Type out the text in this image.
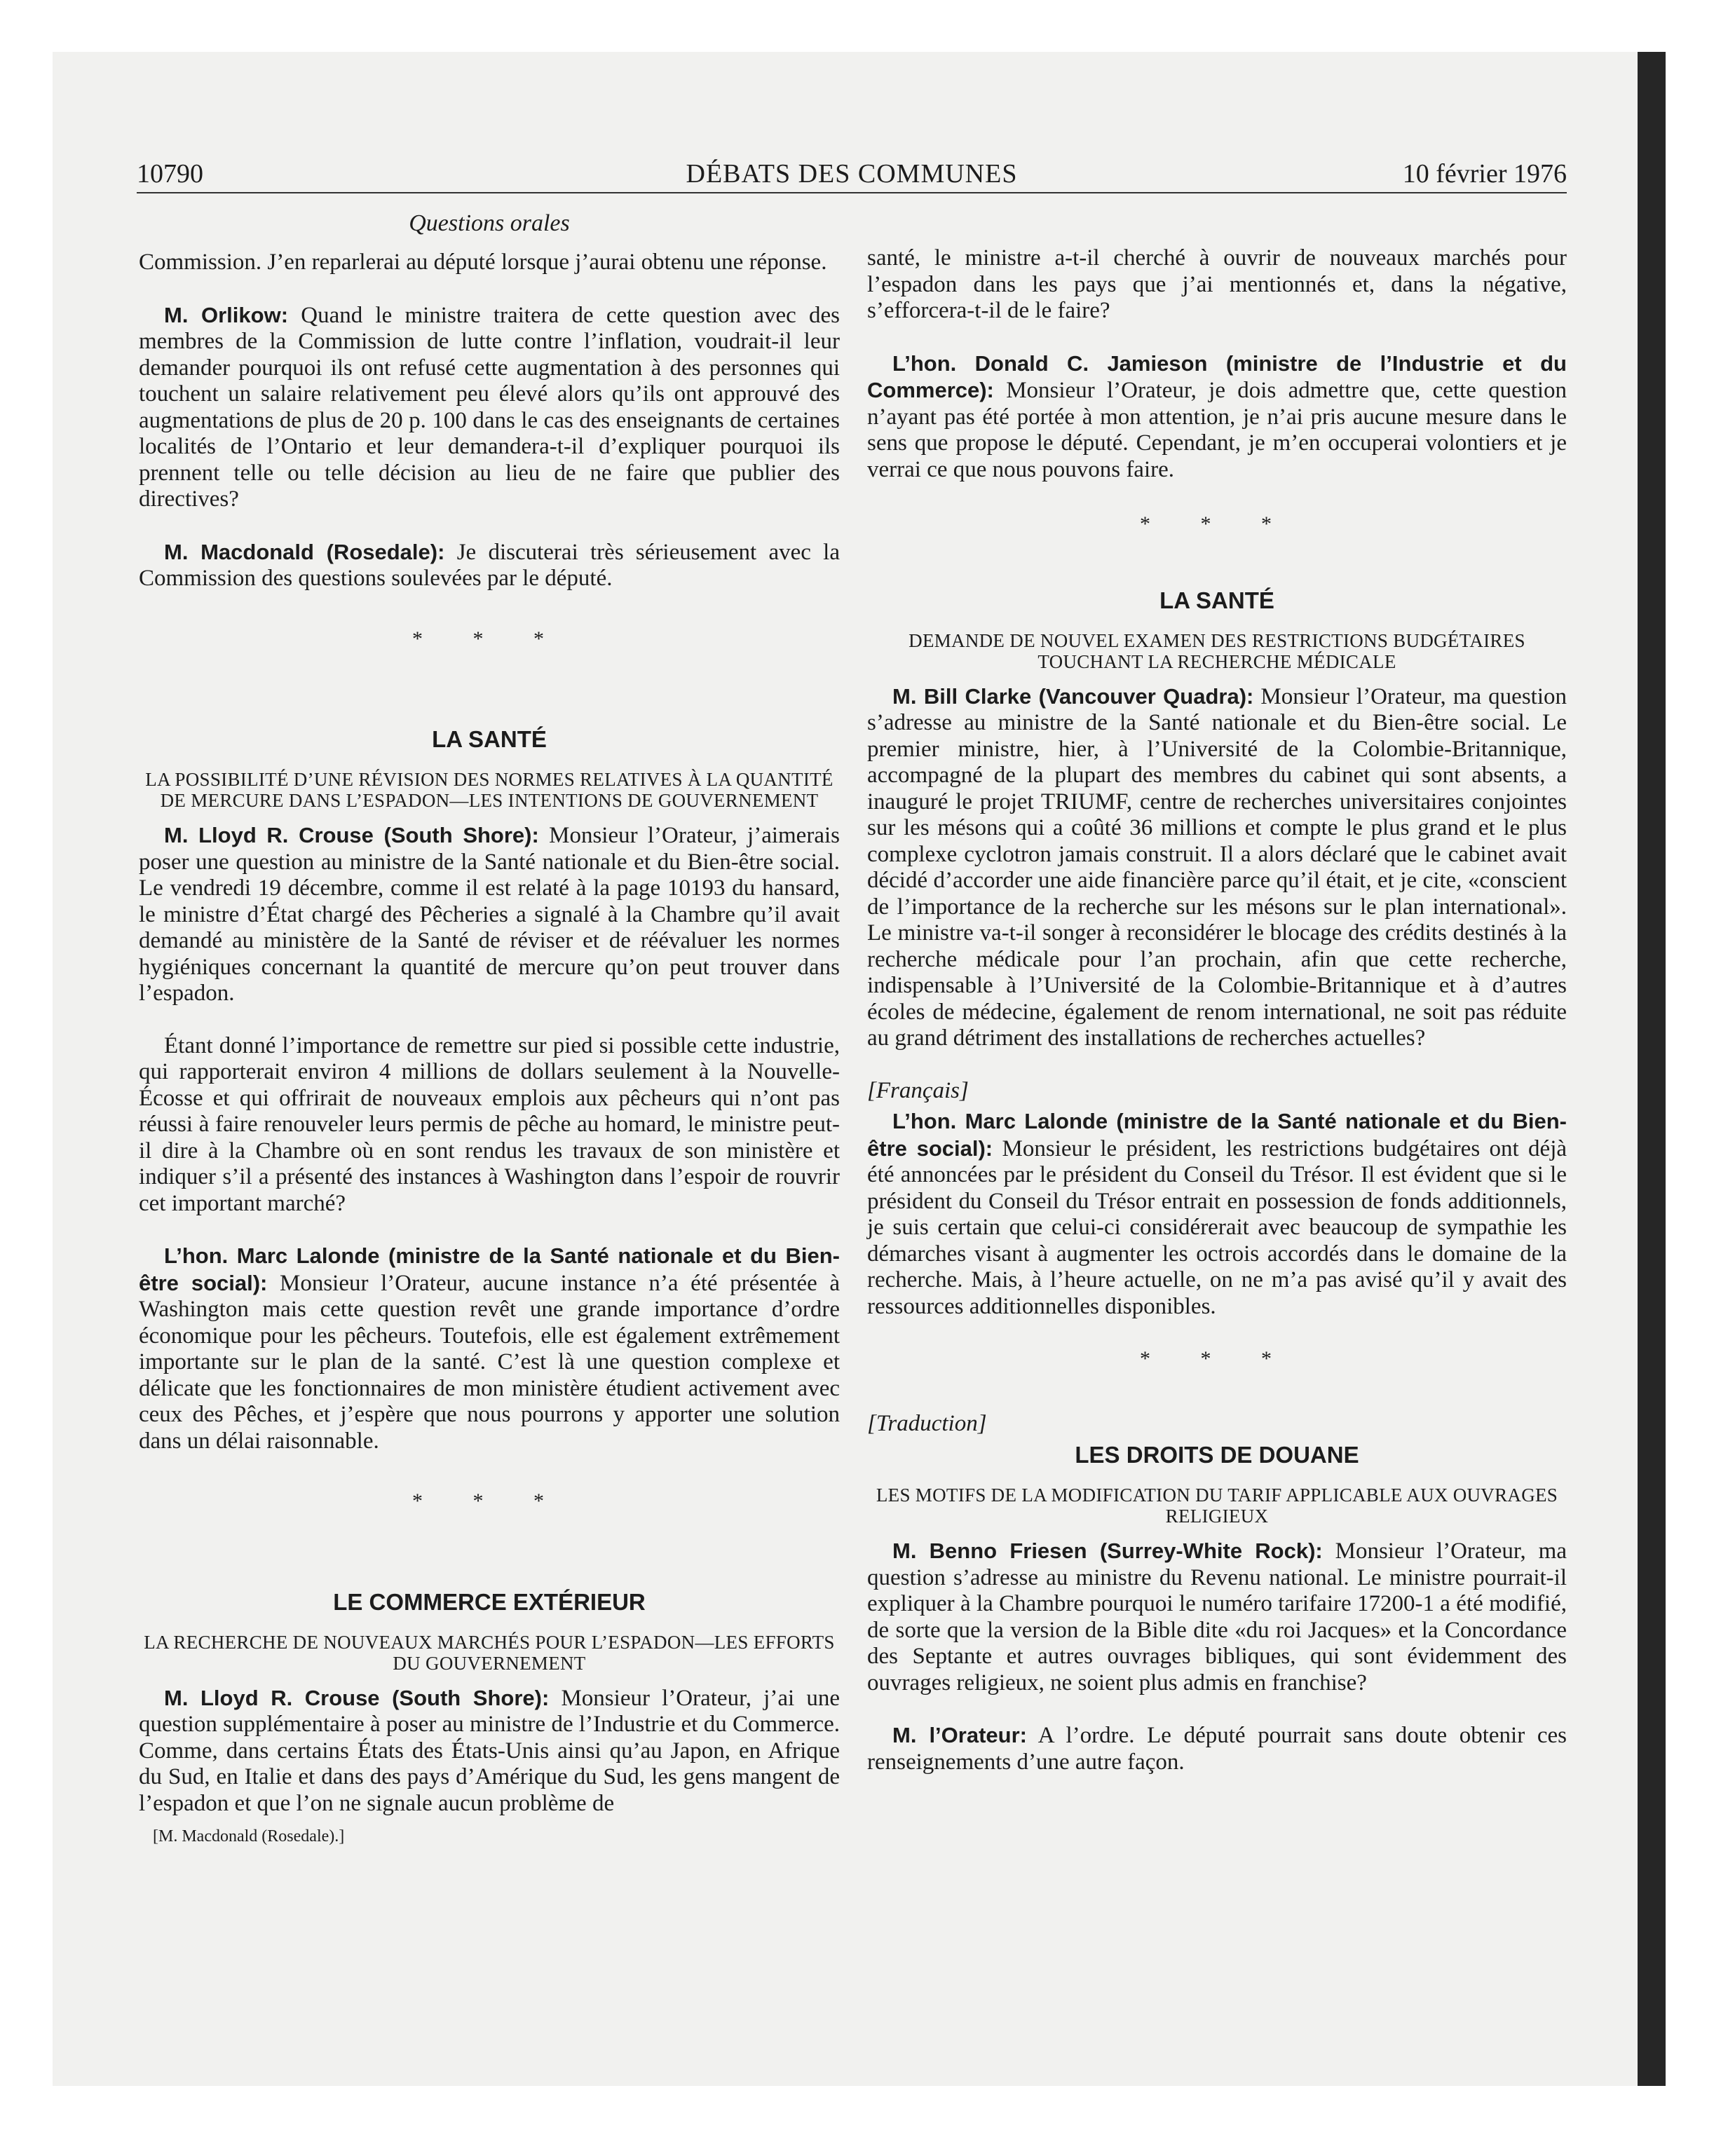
10790	DÉBATS DES COMMUNES	10 février 1976
Questions orales

Commission. J’en reparlerai au député lorsque j’aurai obtenu une réponse.

M. Orlikow: Quand le ministre traitera de cette question avec des membres de la Commission de lutte contre l’inflation, voudrait-il leur demander pourquoi ils ont refusé cette augmentation à des personnes qui touchent un salaire relativement peu élevé alors qu’ils ont approuvé des augmentations de plus de 20 p. 100 dans le cas des enseignants de certaines localités de l’Ontario et leur demandera-t-il d’expliquer pourquoi ils prennent telle ou telle décision au lieu de ne faire que publier des directives?

M. Macdonald (Rosedale): Je discuterai très sérieusement avec la Commission des questions soulevées par le député.

* * *

LA SANTÉ

LA POSSIBILITÉ D’UNE RÉVISION DES NORMES RELATIVES À LA QUANTITÉ DE MERCURE DANS L’ESPADON—LES INTENTIONS DE GOUVERNEMENT

M. Lloyd R. Crouse (South Shore): Monsieur l’Orateur, j’aimerais poser une question au ministre de la Santé nationale et du Bien-être social. Le vendredi 19 décembre, comme il est relaté à la page 10193 du hansard, le ministre d’État chargé des Pêcheries a signalé à la Chambre qu’il avait demandé au ministère de la Santé de réviser et de réévaluer les normes hygiéniques concernant la quantité de mercure qu’on peut trouver dans l’espadon.

Étant donné l’importance de remettre sur pied si possible cette industrie, qui rapporterait environ 4 millions de dollars seulement à la Nouvelle-Écosse et qui offrirait de nouveaux emplois aux pêcheurs qui n’ont pas réussi à faire renouveler leurs permis de pêche au homard, le ministre peut-il dire à la Chambre où en sont rendus les travaux de son ministère et indiquer s’il a présenté des instances à Washington dans l’espoir de rouvrir cet important marché?

L’hon. Marc Lalonde (ministre de la Santé nationale et du Bien-être social): Monsieur l’Orateur, aucune instance n’a été présentée à Washington mais cette question revêt une grande importance d’ordre économique pour les pêcheurs. Toutefois, elle est également extrêmement importante sur le plan de la santé. C’est là une question complexe et délicate que les fonctionnaires de mon ministère étudient activement avec ceux des Pêches, et j’espère que nous pourrons y apporter une solution dans un délai raisonnable.

* * *

LE COMMERCE EXTÉRIEUR

LA RECHERCHE DE NOUVEAUX MARCHÉS POUR L’ESPADON—LES EFFORTS DU GOUVERNEMENT

M. Lloyd R. Crouse (South Shore): Monsieur l’Orateur, j’ai une question supplémentaire à poser au ministre de l’Industrie et du Commerce. Comme, dans certains États des États-Unis ainsi qu’au Japon, en Afrique du Sud, en Italie et dans des pays d’Amérique du Sud, les gens mangent de l’espadon et que l’on ne signale aucun problème de

[M. Macdonald (Rosedale).]

santé, le ministre a-t-il cherché à ouvrir de nouveaux marchés pour l’espadon dans les pays que j’ai mentionnés et, dans la négative, s’efforcera-t-il de le faire?

L’hon. Donald C. Jamieson (ministre de l’Industrie et du Commerce): Monsieur l’Orateur, je dois admettre que, cette question n’ayant pas été portée à mon attention, je n’ai pris aucune mesure dans le sens que propose le député. Cependant, je m’en occuperai volontiers et je verrai ce que nous pouvons faire.

* * *

LA SANTÉ

DEMANDE DE NOUVEL EXAMEN DES RESTRICTIONS BUDGÉTAIRES TOUCHANT LA RECHERCHE MÉDICALE

M. Bill Clarke (Vancouver Quadra): Monsieur l’Orateur, ma question s’adresse au ministre de la Santé nationale et du Bien-être social. Le premier ministre, hier, à l’Université de la Colombie-Britannique, accompagné de la plupart des membres du cabinet qui sont absents, a inauguré le projet TRIUMF, centre de recherches universitaires conjointes sur les mésons qui a coûté 36 millions et compte le plus grand et le plus complexe cyclotron jamais construit. Il a alors déclaré que le cabinet avait décidé d’accorder une aide financière parce qu’il était, et je cite, «conscient de l’importance de la recherche sur les mésons sur le plan international». Le ministre va-t-il songer à reconsidérer le blocage des crédits destinés à la recherche médicale pour l’an prochain, afin que cette recherche, indispensable à l’Université de la Colombie-Britannique et à d’autres écoles de médecine, également de renom international, ne soit pas réduite au grand détriment des installations de recherches actuelles?

[Français]

L’hon. Marc Lalonde (ministre de la Santé nationale et du Bien-être social): Monsieur le président, les restrictions budgétaires ont déjà été annoncées par le président du Conseil du Trésor. Il est évident que si le président du Conseil du Trésor entrait en possession de fonds additionnels, je suis certain que celui-ci considérerait avec beaucoup de sympathie les démarches visant à augmenter les octrois accordés dans le domaine de la recherche. Mais, à l’heure actuelle, on ne m’a pas avisé qu’il y avait des ressources additionnelles disponibles.

* * *

[Traduction]

LES DROITS DE DOUANE

LES MOTIFS DE LA MODIFICATION DU TARIF APPLICABLE AUX OUVRAGES RELIGIEUX

M. Benno Friesen (Surrey-White Rock): Monsieur l’Orateur, ma question s’adresse au ministre du Revenu national. Le ministre pourrait-il expliquer à la Chambre pourquoi le numéro tarifaire 17200-1 a été modifié, de sorte que la version de la Bible dite «du roi Jacques» et la Concordance des Septante et autres ouvrages bibliques, qui sont évidemment des ouvrages religieux, ne soient plus admis en franchise?

M. l’Orateur: A l’ordre. Le député pourrait sans doute obtenir ces renseignements d’une autre façon.
